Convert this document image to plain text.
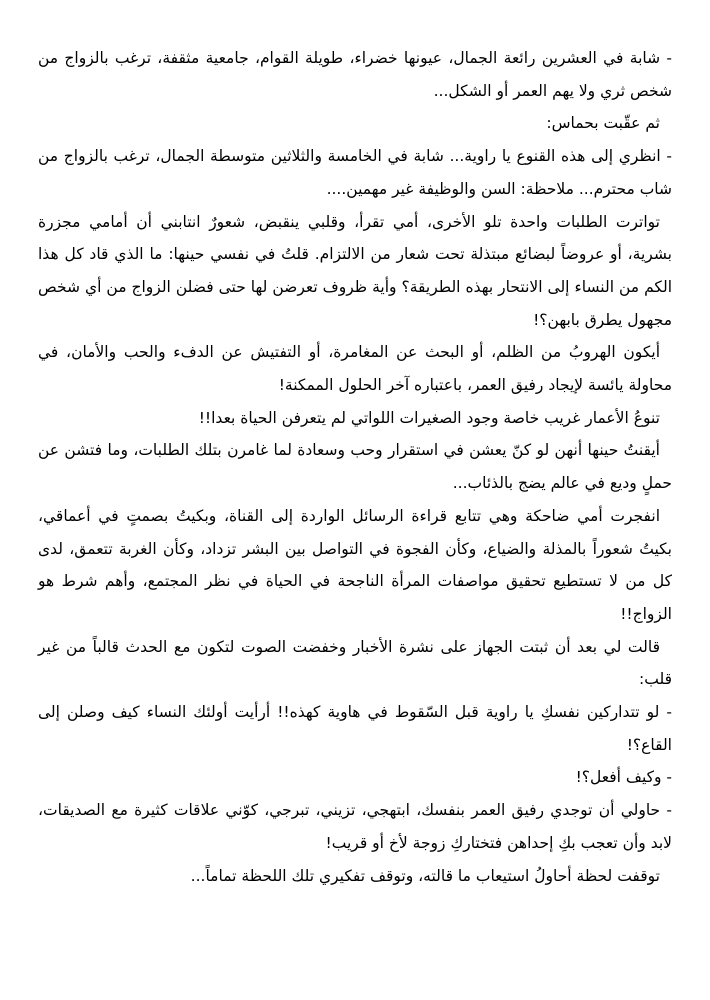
- شابة في العشرين رائعة الجمال، عيونها خضراء، طويلة القوام، جامعية مثقفة، ترغب بالزواج من شخص ثري ولا يهم العمر أو الشكل...

ثم عقّبت بحماس:

- انظري إلى هذه القنوع يا راوية... شابة في الخامسة والثلاثين متوسطة الجمال، ترغب بالزواج من شاب محترم... ملاحظة: السن والوظيفة غير مهمين....

تواترت الطلبات واحدة تلو الأخرى، أمي تقرأ، وقلبي ينقبض، شعورٌ انتابني أن أمامي مجزرة بشرية، أو عروضاً لبضائع مبتذلة تحت شعار من الالتزام. قلتُ في نفسي حينها: ما الذي قاد كل هذا الكم من النساء إلى الانتحار بهذه الطريقة؟ وأية ظروف تعرضن لها حتى فضلن الزواج من أي شخص مجهول يطرق بابهن؟!

أيكون الهروبُ من الظلم، أو البحث عن المغامرة، أو التفتيش عن الدفء والحب والأمان، في محاولة يائسة لإيجاد رفيق العمر، باعتباره آخر الحلول الممكنة!

تنوعُ الأعمار غريب خاصة وجود الصغيرات اللواتي لم يتعرفن الحياة بعدا!!

أيقنتُ حينها أنهن لو كنّ يعشن في استقرار وحب وسعادة لما غامرن بتلك الطلبات، وما فتشن عن حملٍ وديع في عالم يضج بالذئاب...

انفجرت أمي ضاحكة وهي تتابع قراءة الرسائل الواردة إلى القناة، وبكيتُ بصمتٍ في أعماقي، بكيتُ شعوراً بالمذلة والضياع، وكأن الفجوة في التواصل بين البشر تزداد، وكأن الغربة تتعمق، لدى كل من لا تستطيع تحقيق مواصفات المرأة الناجحة في الحياة في نظر المجتمع، وأهم شرط هو الزواج!!

قالت لي بعد أن ثبتت الجهاز على نشرة الأخبار وخفضت الصوت لتكون مع الحدث قالباً من غير قلب:

- لو تتداركين نفسكِ يا راوية قبل السّقوط في هاوية كهذه!! أرأيت أولئك النساء كيف وصلن إلى القاع؟!

- وكيف أفعل؟!

- حاولي أن توجدي رفيق العمر بنفسك، ابتهجي، تزيني، تبرجي، كوّني علاقات كثيرة مع الصديقات، لابد وأن تعجب بكِ إحداهن فتختاركِ زوجة لأخ أو قريب!

توقفت لحظة أحاولُ استيعاب ما قالته، وتوقف تفكيري تلك اللحظة تماماً...
